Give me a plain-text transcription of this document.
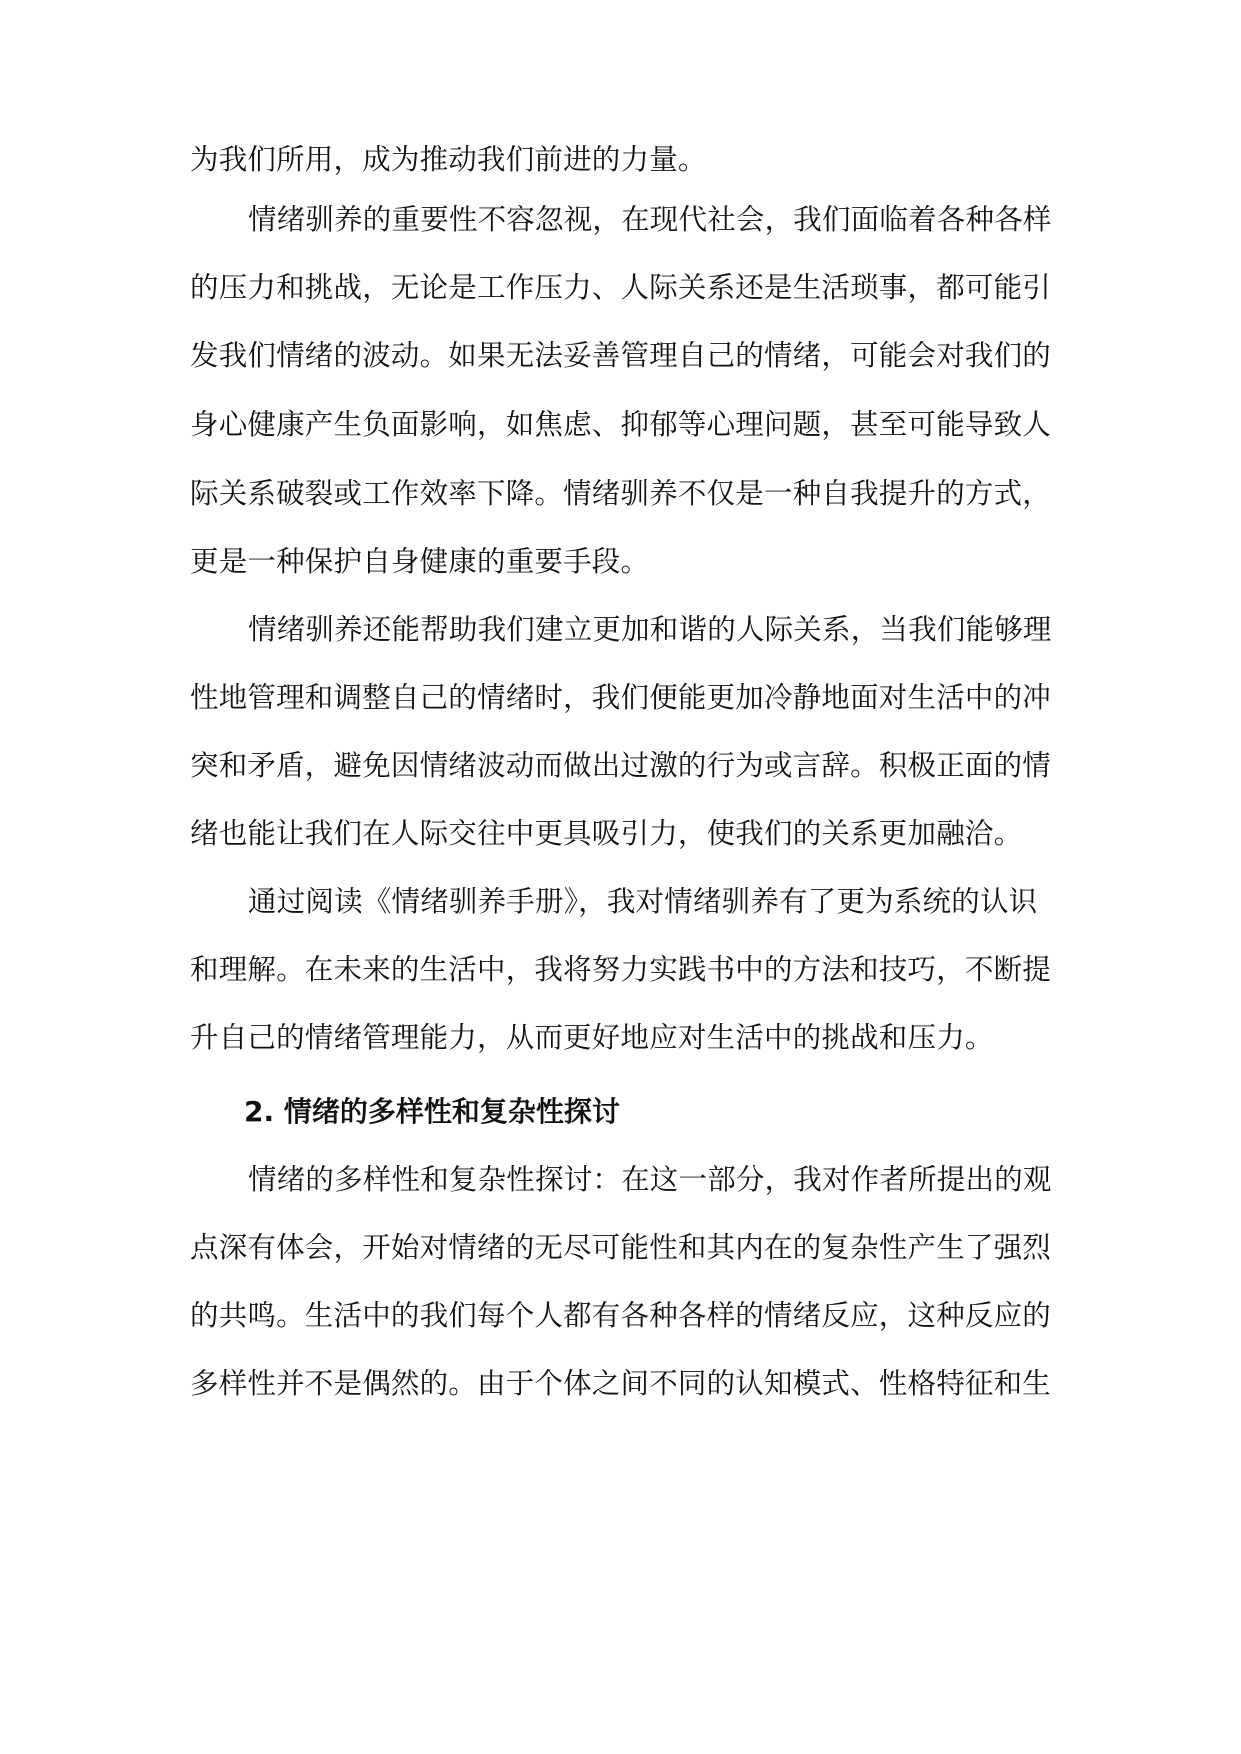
为我们所用，成为推动我们前进的力量。
情绪驯养的重要性不容忽视，在现代社会，我们面临着各种各样
的压力和挑战，无论是工作压力、人际关系还是生活琐事，都可能引
发我们情绪的波动。如果无法妥善管理自己的情绪，可能会对我们的
身心健康产生负面影响，如焦虑、抑郁等心理问题，甚至可能导致人
际关系破裂或工作效率下降。情绪驯养不仅是一种自我提升的方式，
更是一种保护自身健康的重要手段。
情绪驯养还能帮助我们建立更加和谐的人际关系，当我们能够理
性地管理和调整自己的情绪时，我们便能更加冷静地面对生活中的冲
突和矛盾，避免因情绪波动而做出过激的行为或言辞。积极正面的情
绪也能让我们在人际交往中更具吸引力，使我们的关系更加融洽。
通过阅读《情绪驯养手册》，我对情绪驯养有了更为系统的认识
和理解。在未来的生活中，我将努力实践书中的方法和技巧，不断提
升自己的情绪管理能力，从而更好地应对生活中的挑战和压力。
2. 情绪的多样性和复杂性探讨
情绪的多样性和复杂性探讨：在这一部分，我对作者所提出的观
点深有体会，开始对情绪的无尽可能性和其内在的复杂性产生了强烈
的共鸣。生活中的我们每个人都有各种各样的情绪反应，这种反应的
多样性并不是偶然的。由于个体之间不同的认知模式、性格特征和生
